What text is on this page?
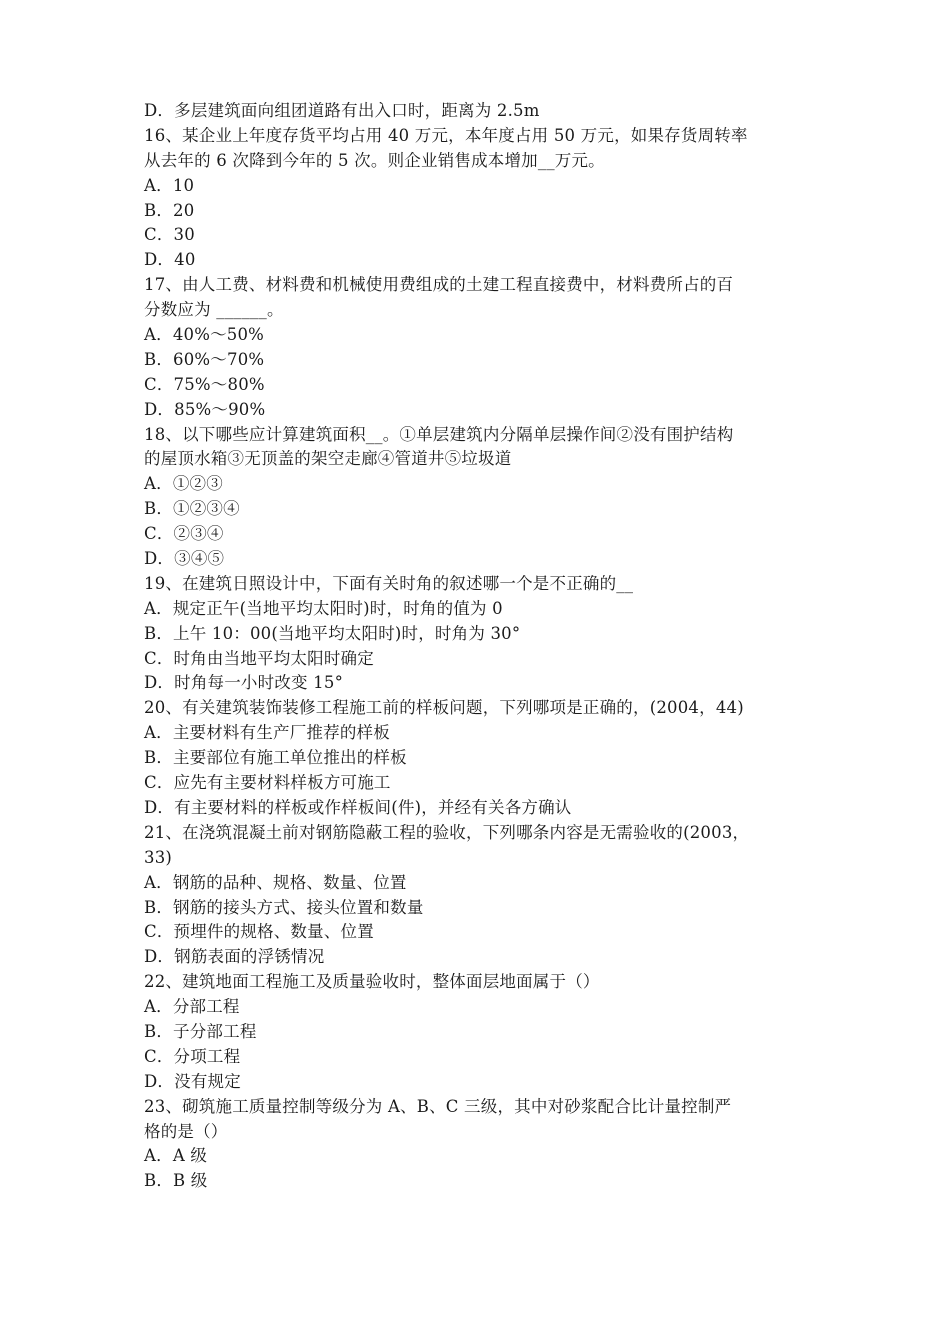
D．多层建筑面向组团道路有出入口时，距离为 2.5m
16、某企业上年度存货平均占用 40 万元，本年度占用 50 万元，如果存货周转率
从去年的 6 次降到今年的 5 次。则企业销售成本增加__万元。
A．10
B．20
C．30
D．40
17、由人工费、材料费和机械使用费组成的土建工程直接费中，材料费所占的百
分数应为 ______。
A．40%～50%
B．60%～70%
C．75%～80%
D．85%～90%
18、以下哪些应计算建筑面积__。①单层建筑内分隔单层操作间②没有围护结构
的屋顶水箱③无顶盖的架空走廊④管道井⑤垃圾道
A．①②③
B．①②③④
C．②③④
D．③④⑤
19、在建筑日照设计中，下面有关时角的叙述哪一个是不正确的__
A．规定正午(当地平均太阳时)时，时角的值为 0
B．上午 10：00(当地平均太阳时)时，时角为 30°
C．时角由当地平均太阳时确定
D．时角每一小时改变 15°
20、有关建筑装饰装修工程施工前的样板问题，下列哪项是正确的，(2004，44)
A．主要材料有生产厂推荐的样板
B．主要部位有施工单位推出的样板
C．应先有主要材料样板方可施工
D．有主要材料的样板或作样板间(件)，并经有关各方确认
21、在浇筑混凝土前对钢筋隐蔽工程的验收，下列哪条内容是无需验收的(2003，
33)
A．钢筋的品种、规格、数量、位置
B．钢筋的接头方式、接头位置和数量
C．预埋件的规格、数量、位置
D．钢筋表面的浮锈情况
22、建筑地面工程施工及质量验收时，整体面层地面属于（）
A．分部工程
B．子分部工程
C．分项工程
D．没有规定
23、砌筑施工质量控制等级分为 A、B、C 三级，其中对砂浆配合比计量控制严
格的是（）
A．A 级
B．B 级
